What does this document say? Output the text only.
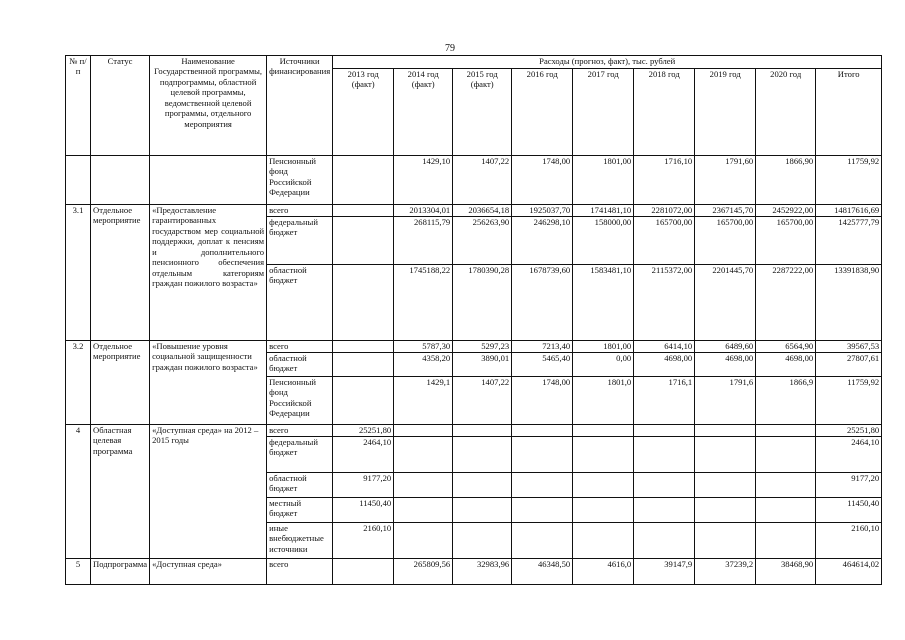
79
№ п/п	Статус	Наименование Государственной программы, подпрограммы, областной целевой программы, ведомственной целевой программы, отдельного мероприятия	Источники финансирования	Расходы (прогноз, факт), тыс. рублей								
				2013 год (факт)	2014 год (факт)	2015 год (факт)	2016 год	2017 год	2018 год	2019 год	2020 год	Итого
			Пенсионный фонд Российской Федерации		1429,10	1407,22	1748,00	1801,00	1716,10	1791,60	1866,90	11759,92
3.1	Отдельное мероприятие	«Предоставление гарантированных государством мер социальной поддержки, доплат к пенсиям и дополнительного пенсионного обеспечения отдельным категориям граждан пожилого возраста»	всего		2013304,01	2036654,18	1925037,70	1741481,10	2281072,00	2367145,70	2452922,00	14817616,69
			федеральный бюджет		268115,79	256263,90	246298,10	158000,00	165700,00	165700,00	165700,00	1425777,79
			областной бюджет		1745188,22	1780390,28	1678739,60	1583481,10	2115372,00	2201445,70	2287222,00	13391838,90
3.2	Отдельное мероприятие	«Повышение уровня социальной защищенности граждан пожилого возраста»	всего		5787,30	5297,23	7213,40	1801,00	6414,10	6489,60	6564,90	39567,53
			областной бюджет		4358,20	3890,01	5465,40	0,00	4698,00	4698,00	4698,00	27807,61
			Пенсионный фонд Российской Федерации		1429,1	1407,22	1748,00	1801,0	1716,1	1791,6	1866,9	11759,92
4	Областная целевая программа	«Доступная среда» на 2012 – 2015 годы	всего	25251,80								25251,80
			федеральный бюджет	2464,10								2464,10
			областной бюджет	9177,20								9177,20
			местный бюджет	11450,40								11450,40
			иные внебюджетные источники	2160,10								2160,10
5	Подпрограмма	«Доступная среда»	всего		265809,56	32983,96	46348,50	4616,0	39147,9	37239,2	38468,90	464614,02
